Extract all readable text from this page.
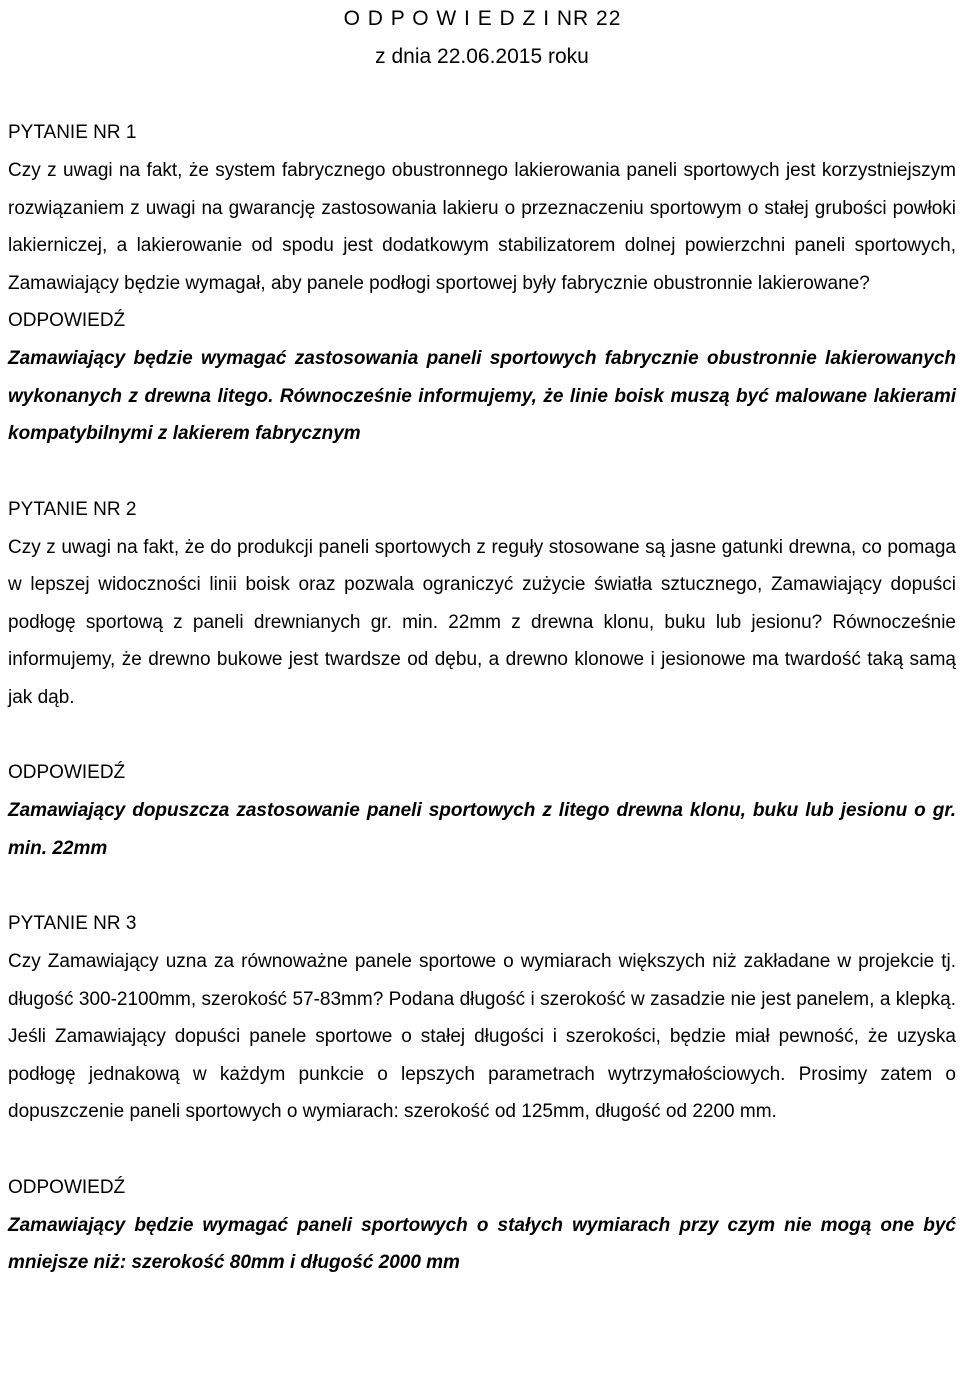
O D P O W I E D Z I NR 22
z dnia 22.06.2015 roku
PYTANIE NR 1

Czy z uwagi na fakt, że system fabrycznego obustronnego lakierowania paneli sportowych jest korzystniejszym rozwiązaniem z uwagi na gwarancję zastosowania lakieru o przeznaczeniu sportowym o stałej grubości powłoki lakierniczej, a lakierowanie od spodu jest dodatkowym stabilizatorem dolnej powierzchni paneli sportowych, Zamawiający będzie wymagał, aby panele podłogi sportowej były fabrycznie obustronnie lakierowane?

ODPOWIEDŹ

Zamawiający będzie wymagać zastosowania paneli sportowych fabrycznie obustronnie lakierowanych wykonanych z drewna litego. Równocześnie informujemy, że linie boisk muszą być malowane lakierami kompatybilnymi z lakierem fabrycznym

PYTANIE NR 2

Czy z uwagi na fakt, że do produkcji paneli sportowych z reguły stosowane są jasne gatunki drewna, co pomaga w lepszej widoczności linii boisk oraz pozwala ograniczyć zużycie światła sztucznego, Zamawiający dopuści podłogę sportową z paneli drewnianych gr. min. 22mm z drewna klonu, buku lub jesionu? Równocześnie informujemy, że drewno bukowe jest twardsze od dębu, a drewno klonowe i jesionowe ma twardość taką samą jak dąb.

ODPOWIEDŹ

Zamawiający dopuszcza zastosowanie paneli sportowych z litego drewna klonu, buku lub jesionu o gr. min. 22mm

PYTANIE NR 3

Czy Zamawiający uzna za równoważne panele sportowe o wymiarach większych niż zakładane w projekcie tj. długość 300-2100mm, szerokość 57-83mm? Podana długość i szerokość w zasadzie nie jest panelem, a klepką. Jeśli Zamawiający dopuści panele sportowe o stałej długości i szerokości, będzie miał pewność, że uzyska podłogę jednakową w każdym punkcie o lepszych parametrach wytrzymałościowych. Prosimy zatem o dopuszczenie paneli sportowych o wymiarach: szerokość od 125mm, długość od 2200 mm.

ODPOWIEDŹ

Zamawiający będzie wymagać paneli sportowych o stałych wymiarach przy czym nie mogą one być mniejsze niż: szerokość 80mm i długość 2000 mm
